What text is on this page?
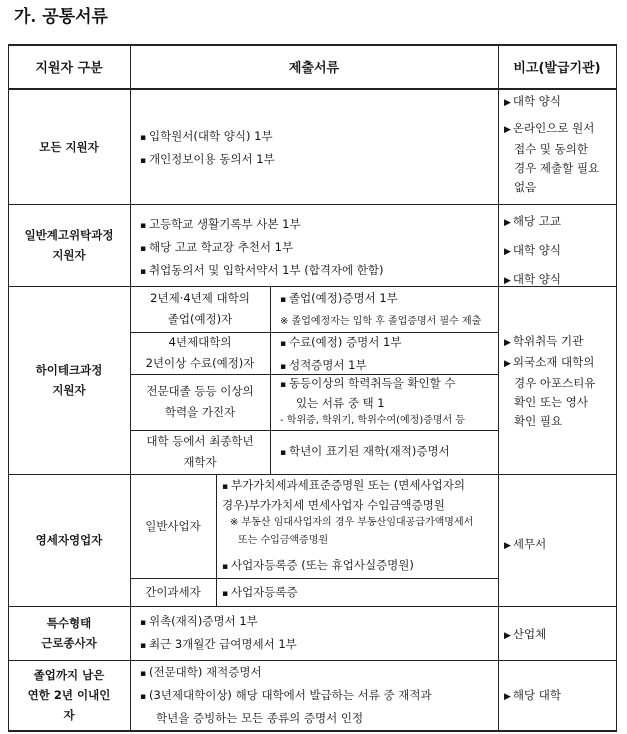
가. 공통서류
지원자 구분	제출서류	비고(발급기관)
모든 지원자
▪ 입학원서(대학 양식) 1부
▪ 개인정보이용 동의서 1부
▶ 대학 양식
▶ 온라인으로 원서
접수 및 동의한
경우 제출할 필요
없음
일반계고위탁과정
지원자
▪ 고등학교 생활기록부 사본 1부
▪ 해당 고교 학교장 추천서 1부
▪ 취업동의서 및 입학서약서 1부 (합격자에 한함)
▶ 해당 고교
▶ 대학 양식
▶ 대학 양식
하이테크과정
지원자
2년제·4년제 대학의
졸업(예정)자
▪ 졸업(예정)증명서 1부
※ 졸업예정자는 입학 후 졸업증명서 필수 제출
4년제대학의
2년이상 수료(예정)자
▪ 수료(예정) 증명서 1부
▪ 성적증명서 1부
전문대졸 등등 이상의
학력을 가진자
▪ 동등이상의 학력취득을 확인할 수
있는 서류 중 택 1
- 학위증, 학위기, 학위수여(예정)증명서 등
대학 등에서 최종학년
재학자
▪ 학년이 표기된 재학(재적)증명서
▶ 학위취득 기관
▶ 외국소재 대학의
경우 아포스티유
확인 또는 영사
확인 필요
영세자영업자
일반사업자
▪ 부가가치세과세표준증명원 또는 (면세사업자의
경우)부가가치세 면세사업자 수입금액증명원
※ 부동산 임대사업자의 경우 부동산임대공급가액명세서
또는 수입금액증명원
▪ 사업자등록증 (또는 휴업사실증명원)
간이과세자
▪	사업자등록증
▶ 세무서
특수형태
근로종사자
▪ 위촉(재직)증명서 1부
▪ 최근 3개월간 급여명세서 1부
▶ 산업체
졸업까지 남은
연한 2년 이내인
자
▪ (전문대학) 재적증명서
▪ (3년제대학이상) 해당 대학에서 발급하는 서류 중 재적과
학년을 증빙하는 모든 종류의 증명서 인정
▶ 해당 대학
